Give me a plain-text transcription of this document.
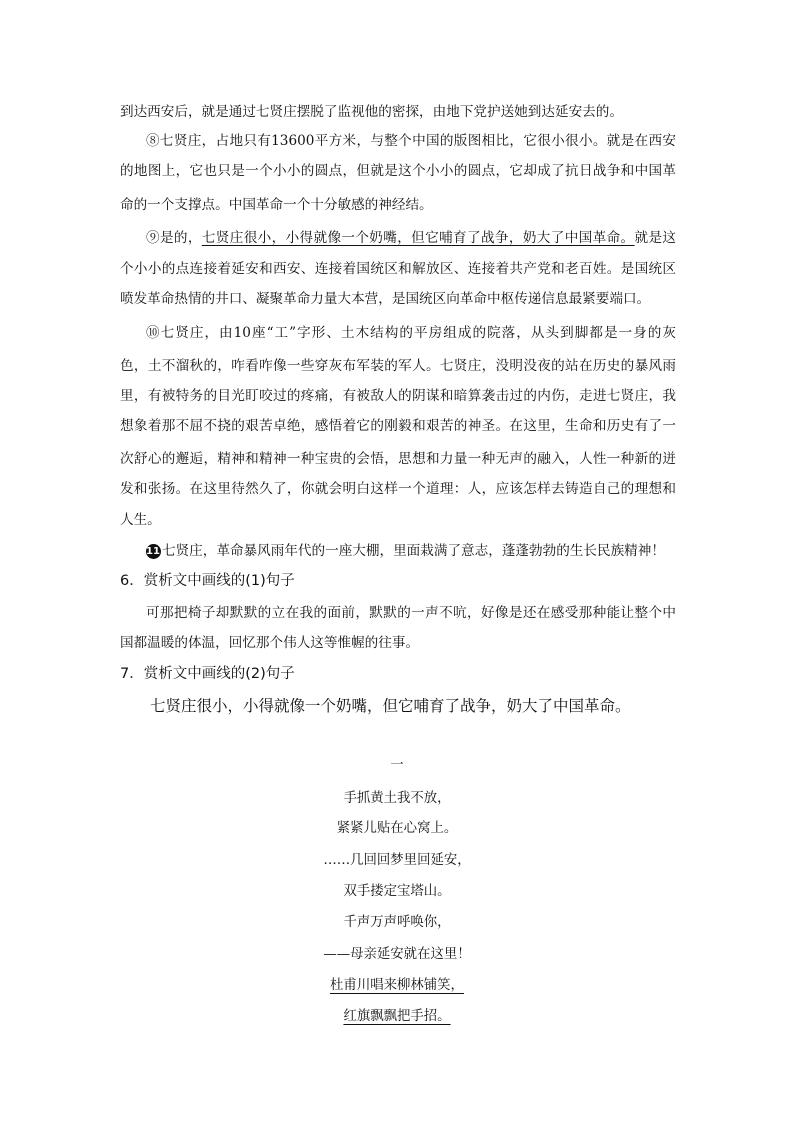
到达西安后，就是通过七贤庄摆脱了监视他的密探，由地下党护送她到达延安去的。
⑧七贤庄，占地只有13600平方米，与整个中国的版图相比，它很小很小。就是在西安
的地图上，它也只是一个小小的圆点，但就是这个小小的圆点，它却成了抗日战争和中国革
命的一个支撑点。中国革命一个十分敏感的神经结。
⑨是的，七贤庄很小，小得就像一个奶嘴，但它哺育了战争，奶大了中国革命。就是这
个小小的点连接着延安和西安、连接着国统区和解放区、连接着共产党和老百姓。是国统区
喷发革命热情的井口、凝聚革命力量大本营，是国统区向革命中枢传递信息最紧要端口。
⑩七贤庄，由10座“工”字形、土木结构的平房组成的院落，从头到脚都是一身的灰
色，土不溜秋的，咋看咋像一些穿灰布军装的军人。七贤庄，没明没夜的站在历史的暴风雨
里，有被特务的目光盯咬过的疼痛，有被敌人的阴谋和暗算袭击过的内伤，走进七贤庄，我
想象着那不屈不挠的艰苦卓绝，感悟着它的刚毅和艰苦的神圣。在这里，生命和历史有了一
次舒心的邂逅，精神和精神一种宝贵的会悟，思想和力量一种无声的融入，人性一种新的迸
发和张扬。在这里待然久了，你就会明白这样一个道理：人，应该怎样去铸造自己的理想和
人生。
11 七贤庄，革命暴风雨年代的一座大棚，里面栽满了意志，蓬蓬勃勃的生长民族精神！
6．赏析文中画线的(1)句子
可那把椅子却默默的立在我的面前，默默的一声不吭，好像是还在感受那种能让整个中
国都温暖的体温，回忆那个伟人这等惟幄的往事。
7．赏析文中画线的(2)句子
七贤庄很小，小得就像一个奶嘴，但它哺育了战争，奶大了中国革命。
一
手抓黄土我不放，
紧紧儿贴在心窝上。
……几回回梦里回延安，
双手搂定宝塔山。
千声万声呼唤你，
——母亲延安就在这里！
杜甫川唱来柳林铺笑，
红旗飘飘把手招。
